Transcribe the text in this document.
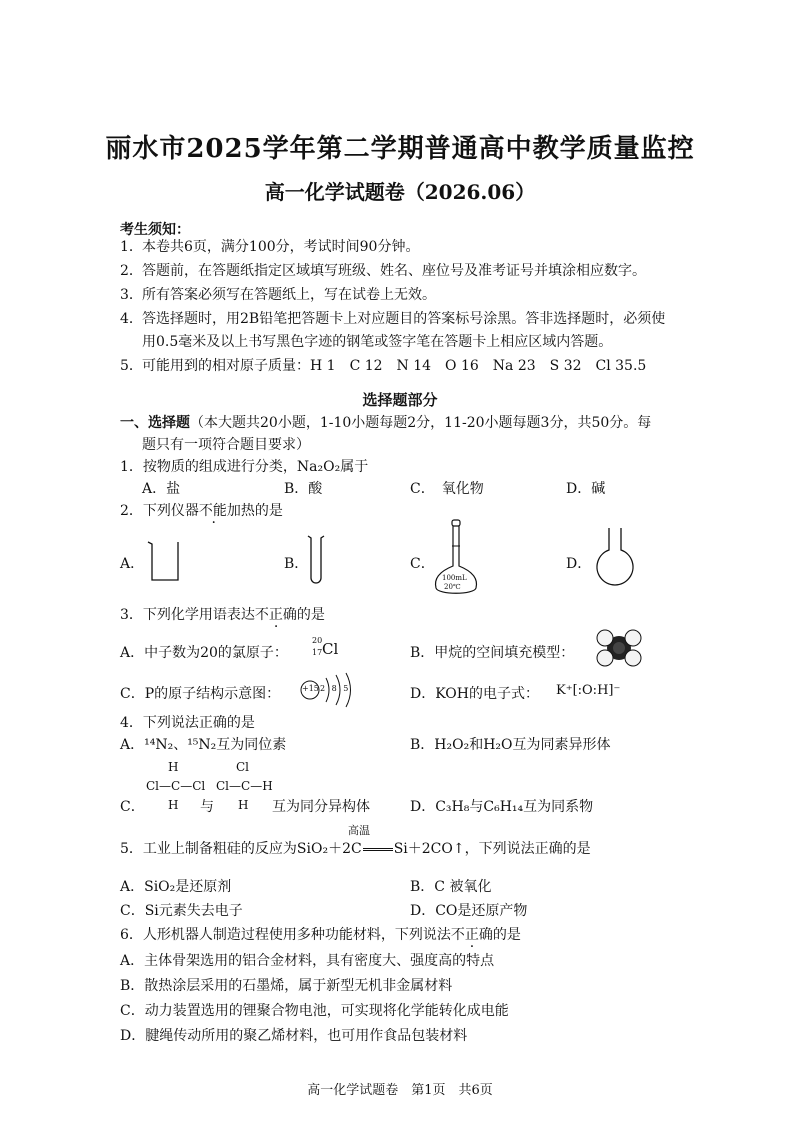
丽水市2025学年第二学期普通高中教学质量监控
高一化学试题卷（2026.06）
考生须知：
1．本卷共6页，满分100分，考试时间90分钟。
2．答题前，在答题纸指定区域填写班级、姓名、座位号及准考证号并填涂相应数字。
3．所有答案必须写在答题纸上，写在试卷上无效。
4．答选择题时，用2B铅笔把答题卡上对应题目的答案标号涂黑。答非选择题时，必须使
用0.5毫米及以上书写黑色字迹的钢笔或签字笔在答题卡上相应区域内答题。
5．可能用到的相对原子质量：H 1　C 12　N 14　O 16　Na 23　S 32　Cl 35.5
选择题部分
一、选择题（本大题共20小题，1-10小题每题2分，11-20小题每题3分，共50分。每
题只有一项符合题目要求）
1．按物质的组成进行分类，Na₂O₂属于
A．盐	B．酸	C．　氧化物	D．碱
2．下列仪器不能加热的是
A．	B．	C．
100mL
20℃
D．
3．下列化学用语表达不正确的是
A．中子数为20的氯原子：
20
17 Cl	B．甲烷的空间填充模型：
C．P的原子结构示意图：	+15 2 8 5	D．KOH的电子式： K⁺[:O:H]⁻
4．下列说法正确的是
A．¹⁴N₂、¹⁵N₂互为同位素	B．H₂O₂和H₂O互为同素异形体
H
Cl—C—Cl
H
Cl
Cl—C—H
H
C．	与	互为同分异构体	D．C₃H₈与C₆H₁₄互为同系物
高温
5．工业上制备粗硅的反应为SiO₂＋2C Si＋2CO↑，下列说法正确的是
A．SiO₂是还原剂	B．C 被氧化
C．Si元素失去电子	D．CO是还原产物
6．人形机器人制造过程使用多种功能材料，下列说法不正确的是
A．主体骨架选用的铝合金材料，具有密度大、强度高的特点
B．散热涂层采用的石墨烯，属于新型无机非金属材料
C．动力装置选用的锂聚合物电池，可实现将化学能转化成电能
D．腱绳传动所用的聚乙烯材料，也可用作食品包装材料
高一化学试题卷　第1页　共6页
